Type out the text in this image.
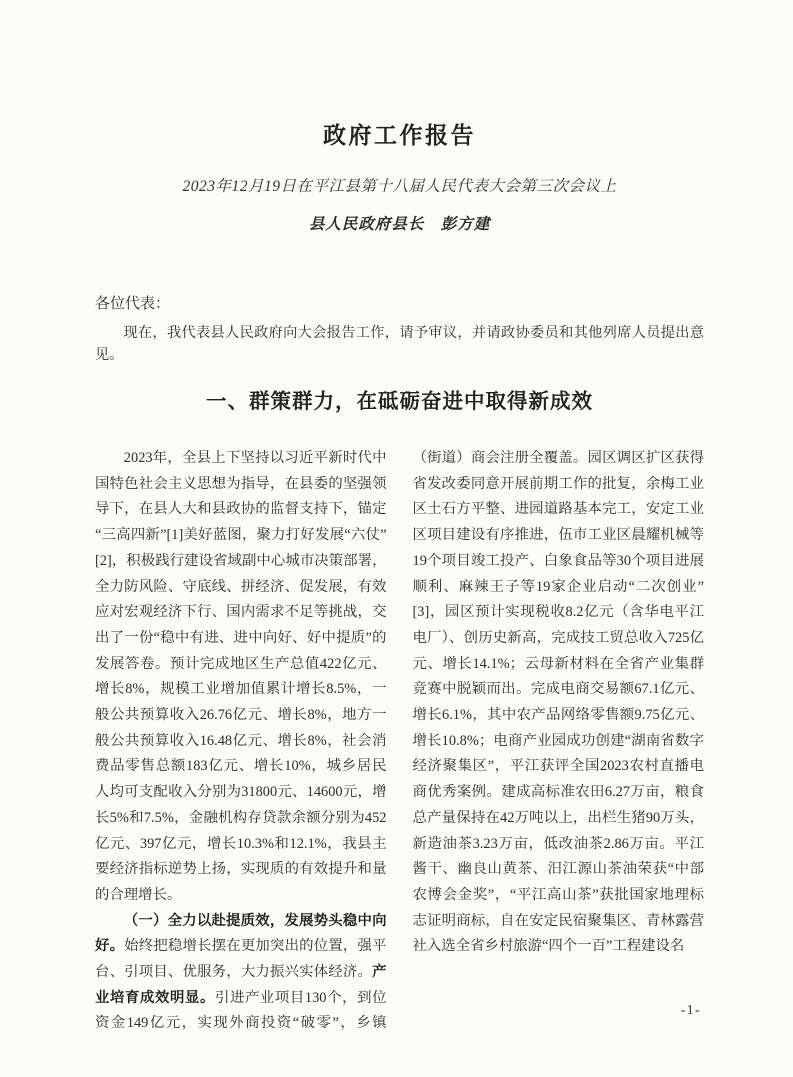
政府工作报告
2023年12月19日在平江县第十八届人民代表大会第三次会议上
县人民政府县长　彭方建
各位代表：

现在，我代表县人民政府向大会报告工作，请予审议，并请政协委员和其他列席人员提出意见。

一、群策群力，在砥砺奋进中取得新成效

2023年，全县上下坚持以习近平新时代中国特色社会主义思想为指导，在县委的坚强领导下，在县人大和县政协的监督支持下，锚定“三高四新”[1]美好蓝图，聚力打好发展“六仗”[2]，积极践行建设省域副中心城市决策部署，全力防风险、守底线、拼经济、促发展，有效应对宏观经济下行、国内需求不足等挑战，交出了一份“稳中有进、进中向好、好中提质”的发展答卷。预计完成地区生产总值422亿元、增长8%，规模工业增加值累计增长8.5%，一般公共预算收入26.76亿元、增长8%，地方一般公共预算收入16.48亿元、增长8%，社会消费品零售总额183亿元、增长10%，城乡居民人均可支配收入分别为31800元、14600元，增长5%和7.5%，金融机构存贷款余额分别为452亿元、397亿元，增长10.3%和12.1%，我县主要经济指标逆势上扬，实现质的有效提升和量的合理增长。

（一）全力以赴提质效，发展势头稳中向好。始终把稳增长摆在更加突出的位置，强平台、引项目、优服务，大力振兴实体经济。产业培育成效明显。引进产业项目130个，到位资金149亿元，实现外商投资“破零”，乡镇（街道）商会注册全覆盖。园区调区扩区获得省发改委同意开展前期工作的批复，余梅工业区土石方平整、进园道路基本完工，安定工业区项目建设有序推进，伍市工业区晨耀机械等19个项目竣工投产、白象食品等30个项目进展顺利、麻辣王子等19家企业启动“二次创业”[3]，园区预计实现税收8.2亿元（含华电平江电厂）、创历史新高，完成技工贸总收入725亿元、增长14.1%；云母新材料在全省产业集群竞赛中脱颖而出。完成电商交易额67.1亿元、增长6.1%，其中农产品网络零售额9.75亿元、增长10.8%；电商产业园成功创建“湖南省数字经济聚集区”，平江获评全国2023农村直播电商优秀案例。建成高标准农田6.27万亩，粮食总产量保持在42万吨以上，出栏生猪90万头，新造油茶3.23万亩，低改油茶2.86万亩。平江酱干、幽良山黄茶、汨江源山茶油荣获“中部农博会金奖”，“平江高山茶”获批国家地理标志证明商标，自在安定民宿聚集区、青林露营社入选全省乡村旅游“四个一百”工程建设名

-1-
